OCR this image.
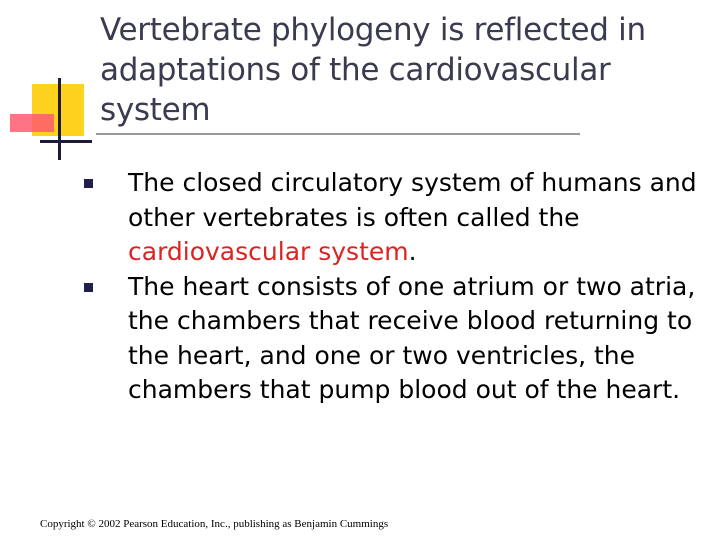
Vertebrate phylogeny is reflected in adaptations of the cardiovascular system
The closed circulatory system of humans and other vertebrates is often called the cardiovascular system.
The heart consists of one atrium or two atria, the chambers that receive blood returning to the heart, and one or two ventricles, the chambers that pump blood out of the heart.
Copyright © 2002 Pearson Education, Inc., publishing as Benjamin Cummings
